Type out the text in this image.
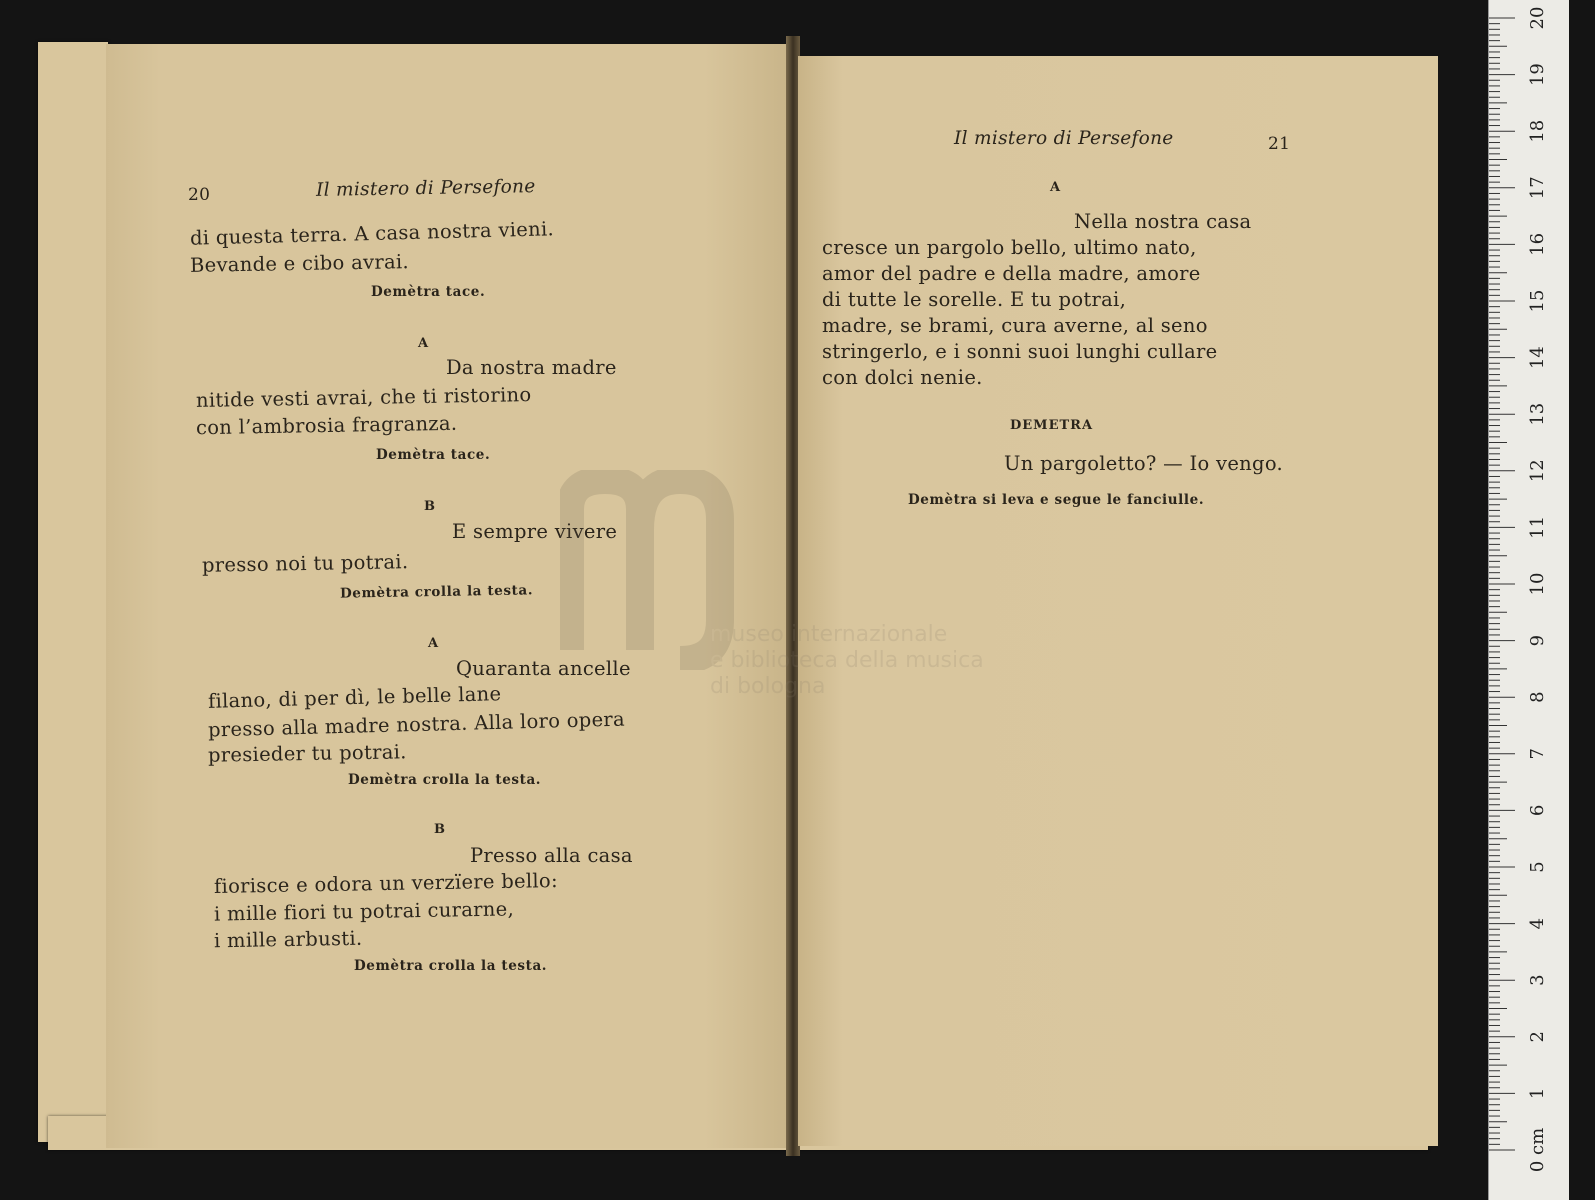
20	Il mistero di Persefone
di questa terra. A casa nostra vieni.
Bevande e cibo avrai.
Demètra tace.
A
Da nostra madre
nitide vesti avrai, che ti ristorino
con l’ambrosia fragranza.
Demètra tace.
B
E sempre vivere
presso noi tu potrai.
Demètra crolla la testa.
A
Quaranta ancelle
filano, di per dì, le belle lane
presso alla madre nostra. Alla loro opera
presieder tu potrai.
Demètra crolla la testa.
B
Presso alla casa
fiorisce e odora un verzïere bello:
i mille fiori tu potrai curarne,
i mille arbusti.
Demètra crolla la testa.
Il mistero di Persefone	21
A
Nella nostra casa
cresce un pargolo bello, ultimo nato,
amor del padre e della madre, amore
di tutte le sorelle. E tu potrai,
madre, se brami, cura averne, al seno
stringerlo, e i sonni suoi lunghi cullare
con dolci nenie.
DEMETRA
Un pargoletto? — Io vengo.
Demètra si leva e segue le fanciulle.
0 cm
1
2
3
4
5
6
7
8
9
10
11
12
13
14
15
16
17
18
19
20
